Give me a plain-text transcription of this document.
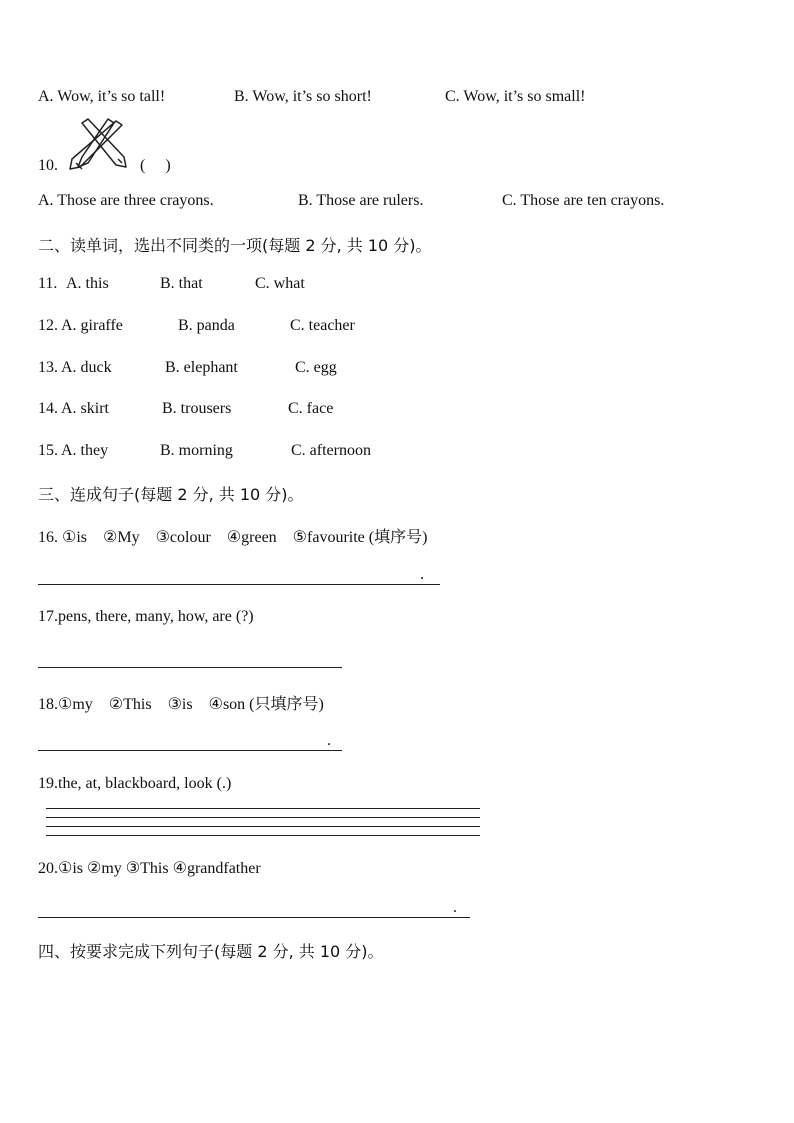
A. Wow, it’s so tall!	B. Wow, it’s so short!	C. Wow, it’s so small!
10.	(     )
A. Those are three crayons.	B. Those are rulers.	C. Those are ten crayons.
二、读单词，选出不同类的一项(每题 2 分, 共 10 分)。
11. A. this	B. that	C. what
12. A. giraffe	B. panda	C. teacher
13. A. duck	B. elephant	C. egg
14. A. skirt	B. trousers	C. face
15. A. they	B. morning	C. afternoon
三、连成句子(每题 2 分, 共 10 分)。
16. ①is    ②My    ③colour    ④green    ⑤favourite (填序号)
.
17.pens, there, many, how, are (?)
18.①my    ②This    ③is    ④son (只填序号)
.
19.the, at, blackboard, look (.)
20.①is ②my ③This ④grandfather
.
四、按要求完成下列句子(每题 2 分, 共 10 分)。
